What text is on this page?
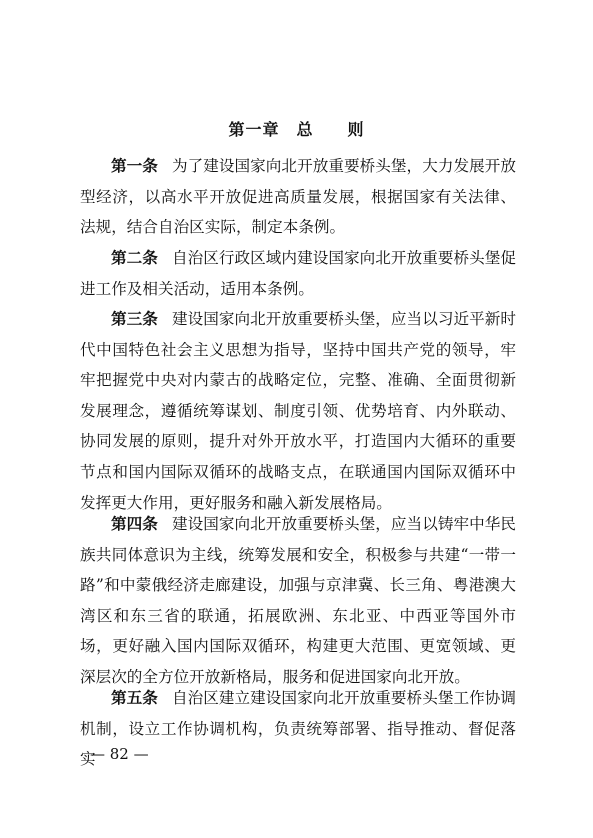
第一章　总　　则

第一条 为了建设国家向北开放重要桥头堡，大力发展开放型经济，以高水平开放促进高质量发展，根据国家有关法律、法规，结合自治区实际，制定本条例。

第二条 自治区行政区域内建设国家向北开放重要桥头堡促进工作及相关活动，适用本条例。

第三条 建设国家向北开放重要桥头堡，应当以习近平新时代中国特色社会主义思想为指导，坚持中国共产党的领导，牢牢把握党中央对内蒙古的战略定位，完整、准确、全面贯彻新发展理念，遵循统筹谋划、制度引领、优势培育、内外联动、协同发展的原则，提升对外开放水平，打造国内大循环的重要节点和国内国际双循环的战略支点，在联通国内国际双循环中发挥更大作用，更好服务和融入新发展格局。

第四条 建设国家向北开放重要桥头堡，应当以铸牢中华民族共同体意识为主线，统筹发展和安全，积极参与共建“一带一路”和中蒙俄经济走廊建设，加强与京津冀、长三角、粤港澳大湾区和东三省的联通，拓展欧洲、东北亚、中西亚等国外市场，更好融入国内国际双循环，构建更大范围、更宽领域、更深层次的全方位开放新格局，服务和促进国家向北开放。

第五条 自治区建立建设国家向北开放重要桥头堡工作协调机制，设立工作协调机构，负责统筹部署、指导推动、督促落实

— 82 —
